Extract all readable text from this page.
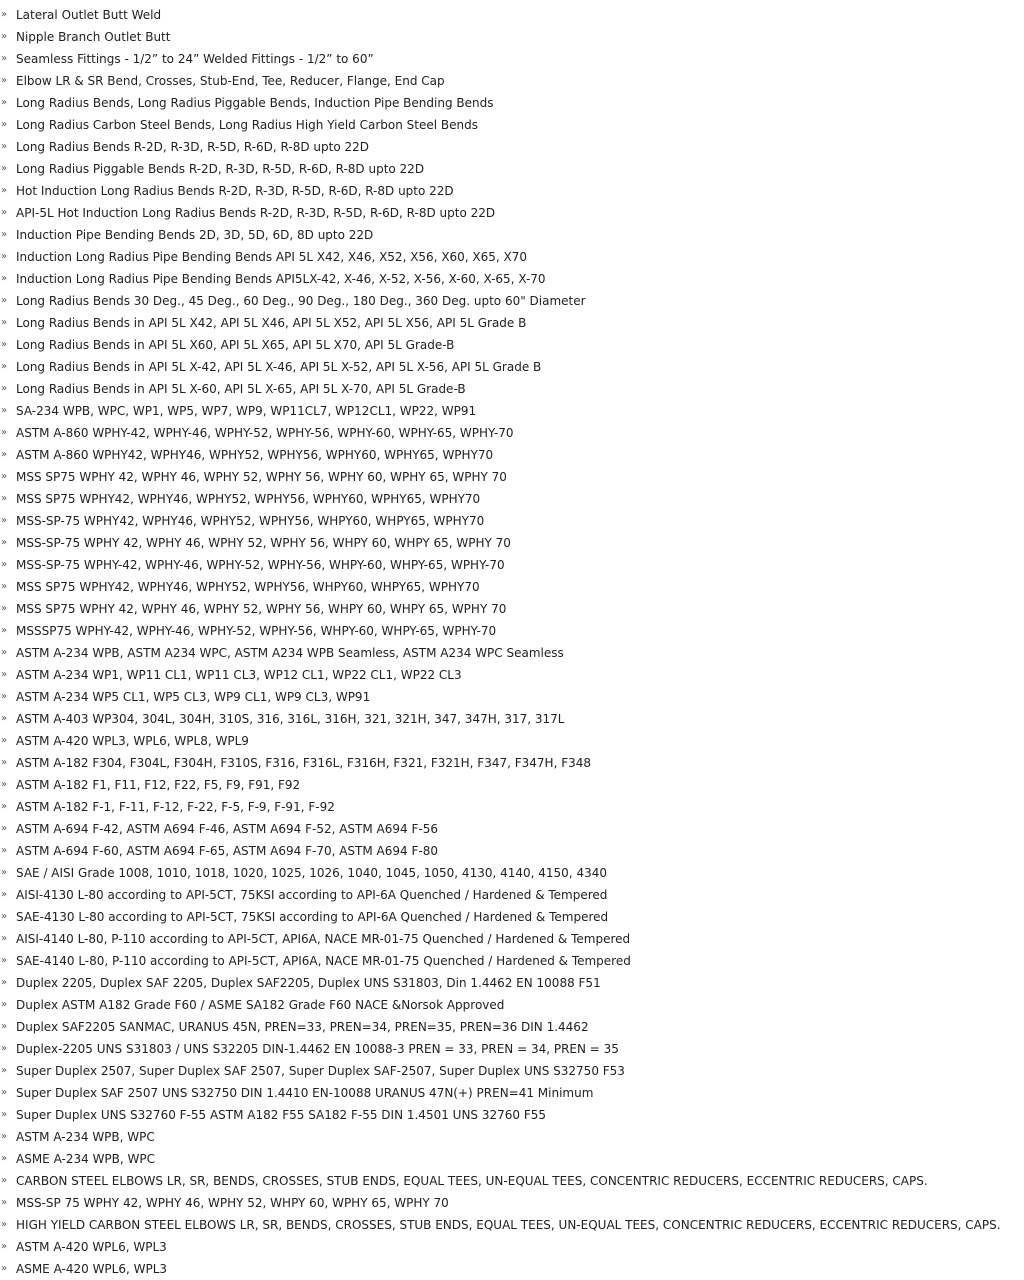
» Lateral Outlet Butt Weld
» Nipple Branch Outlet Butt
» Seamless Fittings - 1/2” to 24” Welded Fittings - 1/2” to 60”
» Elbow LR & SR Bend, Crosses, Stub-End, Tee, Reducer, Flange, End Cap
» Long Radius Bends, Long Radius Piggable Bends, Induction Pipe Bending Bends
» Long Radius Carbon Steel Bends, Long Radius High Yield Carbon Steel Bends
» Long Radius Bends R-2D, R-3D, R-5D, R-6D, R-8D upto 22D
» Long Radius Piggable Bends R-2D, R-3D, R-5D, R-6D, R-8D upto 22D
» Hot Induction Long Radius Bends R-2D, R-3D, R-5D, R-6D, R-8D upto 22D
» API-5L Hot Induction Long Radius Bends R-2D, R-3D, R-5D, R-6D, R-8D upto 22D
» Induction Pipe Bending Bends 2D, 3D, 5D, 6D, 8D upto 22D
» Induction Long Radius Pipe Bending Bends API 5L X42, X46, X52, X56, X60, X65, X70
» Induction Long Radius Pipe Bending Bends API5LX-42, X-46, X-52, X-56, X-60, X-65, X-70
» Long Radius Bends 30 Deg., 45 Deg., 60 Deg., 90 Deg., 180 Deg., 360 Deg. upto 60" Diameter
» Long Radius Bends in API 5L X42, API 5L X46, API 5L X52, API 5L X56, API 5L Grade B
» Long Radius Bends in API 5L X60, API 5L X65, API 5L X70, API 5L Grade-B
» Long Radius Bends in API 5L X-42, API 5L X-46, API 5L X-52, API 5L X-56, API 5L Grade B
» Long Radius Bends in API 5L X-60, API 5L X-65, API 5L X-70, API 5L Grade-B
» SA-234 WPB, WPC, WP1, WP5, WP7, WP9, WP11CL7, WP12CL1, WP22, WP91
» ASTM A-860 WPHY-42, WPHY-46, WPHY-52, WPHY-56, WPHY-60, WPHY-65, WPHY-70
» ASTM A-860 WPHY42, WPHY46, WPHY52, WPHY56, WPHY60, WPHY65, WPHY70
» MSS SP75 WPHY 42, WPHY 46, WPHY 52, WPHY 56, WPHY 60, WPHY 65, WPHY 70
» MSS SP75 WPHY42, WPHY46, WPHY52, WPHY56, WPHY60, WPHY65, WPHY70
» MSS-SP-75 WPHY42, WPHY46, WPHY52, WPHY56, WHPY60, WHPY65, WPHY70
» MSS-SP-75 WPHY 42, WPHY 46, WPHY 52, WPHY 56, WHPY 60, WHPY 65, WPHY 70
» MSS-SP-75 WPHY-42, WPHY-46, WPHY-52, WPHY-56, WHPY-60, WHPY-65, WPHY-70
» MSS SP75 WPHY42, WPHY46, WPHY52, WPHY56, WHPY60, WHPY65, WPHY70
» MSS SP75 WPHY 42, WPHY 46, WPHY 52, WPHY 56, WHPY 60, WHPY 65, WPHY 70
» MSSSP75 WPHY-42, WPHY-46, WPHY-52, WPHY-56, WHPY-60, WHPY-65, WPHY-70
» ASTM A-234 WPB, ASTM A234 WPC, ASTM A234 WPB Seamless, ASTM A234 WPC Seamless
» ASTM A-234 WP1, WP11 CL1, WP11 CL3, WP12 CL1, WP22 CL1, WP22 CL3
» ASTM A-234 WP5 CL1, WP5 CL3, WP9 CL1, WP9 CL3, WP91
» ASTM A-403 WP304, 304L, 304H, 310S, 316, 316L, 316H, 321, 321H, 347, 347H, 317, 317L
» ASTM A-420 WPL3, WPL6, WPL8, WPL9
» ASTM A-182 F304, F304L, F304H, F310S, F316, F316L, F316H, F321, F321H, F347, F347H, F348
» ASTM A-182 F1, F11, F12, F22, F5, F9, F91, F92
» ASTM A-182 F-1, F-11, F-12, F-22, F-5, F-9, F-91, F-92
» ASTM A-694 F-42, ASTM A694 F-46, ASTM A694 F-52, ASTM A694 F-56
» ASTM A-694 F-60, ASTM A694 F-65, ASTM A694 F-70, ASTM A694 F-80
» SAE / AISI Grade 1008, 1010, 1018, 1020, 1025, 1026, 1040, 1045, 1050, 4130, 4140, 4150, 4340
» AISI-4130 L-80 according to API-5CT, 75KSI according to API-6A Quenched / Hardened & Tempered
» SAE-4130 L-80 according to API-5CT, 75KSI according to API-6A Quenched / Hardened & Tempered
» AISI-4140 L-80, P-110 according to API-5CT, API6A, NACE MR-01-75 Quenched / Hardened & Tempered
» SAE-4140 L-80, P-110 according to API-5CT, API6A, NACE MR-01-75 Quenched / Hardened & Tempered
» Duplex 2205, Duplex SAF 2205, Duplex SAF2205, Duplex UNS S31803, Din 1.4462 EN 10088 F51
» Duplex ASTM A182 Grade F60 / ASME SA182 Grade F60 NACE &Norsok Approved
» Duplex SAF2205 SANMAC, URANUS 45N, PREN=33, PREN=34, PREN=35, PREN=36 DIN 1.4462
» Duplex-2205 UNS S31803 / UNS S32205 DIN-1.4462 EN 10088-3 PREN = 33, PREN = 34, PREN = 35
» Super Duplex 2507, Super Duplex SAF 2507, Super Duplex SAF-2507, Super Duplex UNS S32750 F53
» Super Duplex SAF 2507 UNS S32750 DIN 1.4410 EN-10088 URANUS 47N(+) PREN=41 Minimum
» Super Duplex UNS S32760 F-55 ASTM A182 F55 SA182 F-55 DIN 1.4501 UNS 32760 F55
» ASTM A-234 WPB, WPC
» ASME A-234 WPB, WPC
» CARBON STEEL ELBOWS LR, SR, BENDS, CROSSES, STUB ENDS, EQUAL TEES, UN-EQUAL TEES, CONCENTRIC REDUCERS, ECCENTRIC REDUCERS, CAPS.
» MSS-SP 75 WPHY 42, WPHY 46, WPHY 52, WHPY 60, WPHY 65, WPHY 70
» HIGH YIELD CARBON STEEL ELBOWS LR, SR, BENDS, CROSSES, STUB ENDS, EQUAL TEES, UN-EQUAL TEES, CONCENTRIC REDUCERS, ECCENTRIC REDUCERS, CAPS.
» ASTM A-420 WPL6, WPL3
» ASME A-420 WPL6, WPL3
